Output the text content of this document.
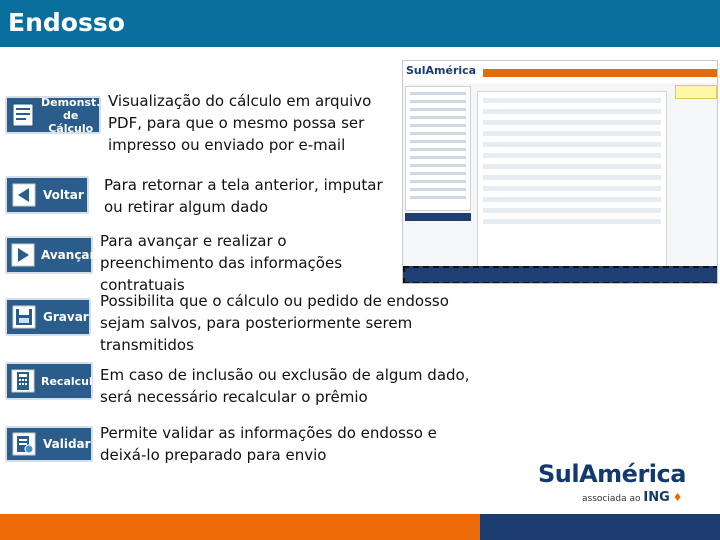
Endosso
Demonst.
de Cálculo
Visualização do cálculo em arquivo PDF, para que o mesmo possa ser impresso ou enviado por e-mail
Voltar
Para retornar a tela anterior, imputar ou retirar algum dado
Avançar
Para avançar e realizar o preenchimento das informações contratuais
Gravar
Possibilita que o cálculo ou pedido de endosso sejam salvos, para posteriormente serem transmitidos
Recalcular
Em caso de inclusão ou exclusão de algum dado, será necessário recalcular o prêmio
Validar
Permite validar as informações do endosso e deixá-lo preparado para envio
SulAmérica
SulAmérica
associada ao ING ♦
